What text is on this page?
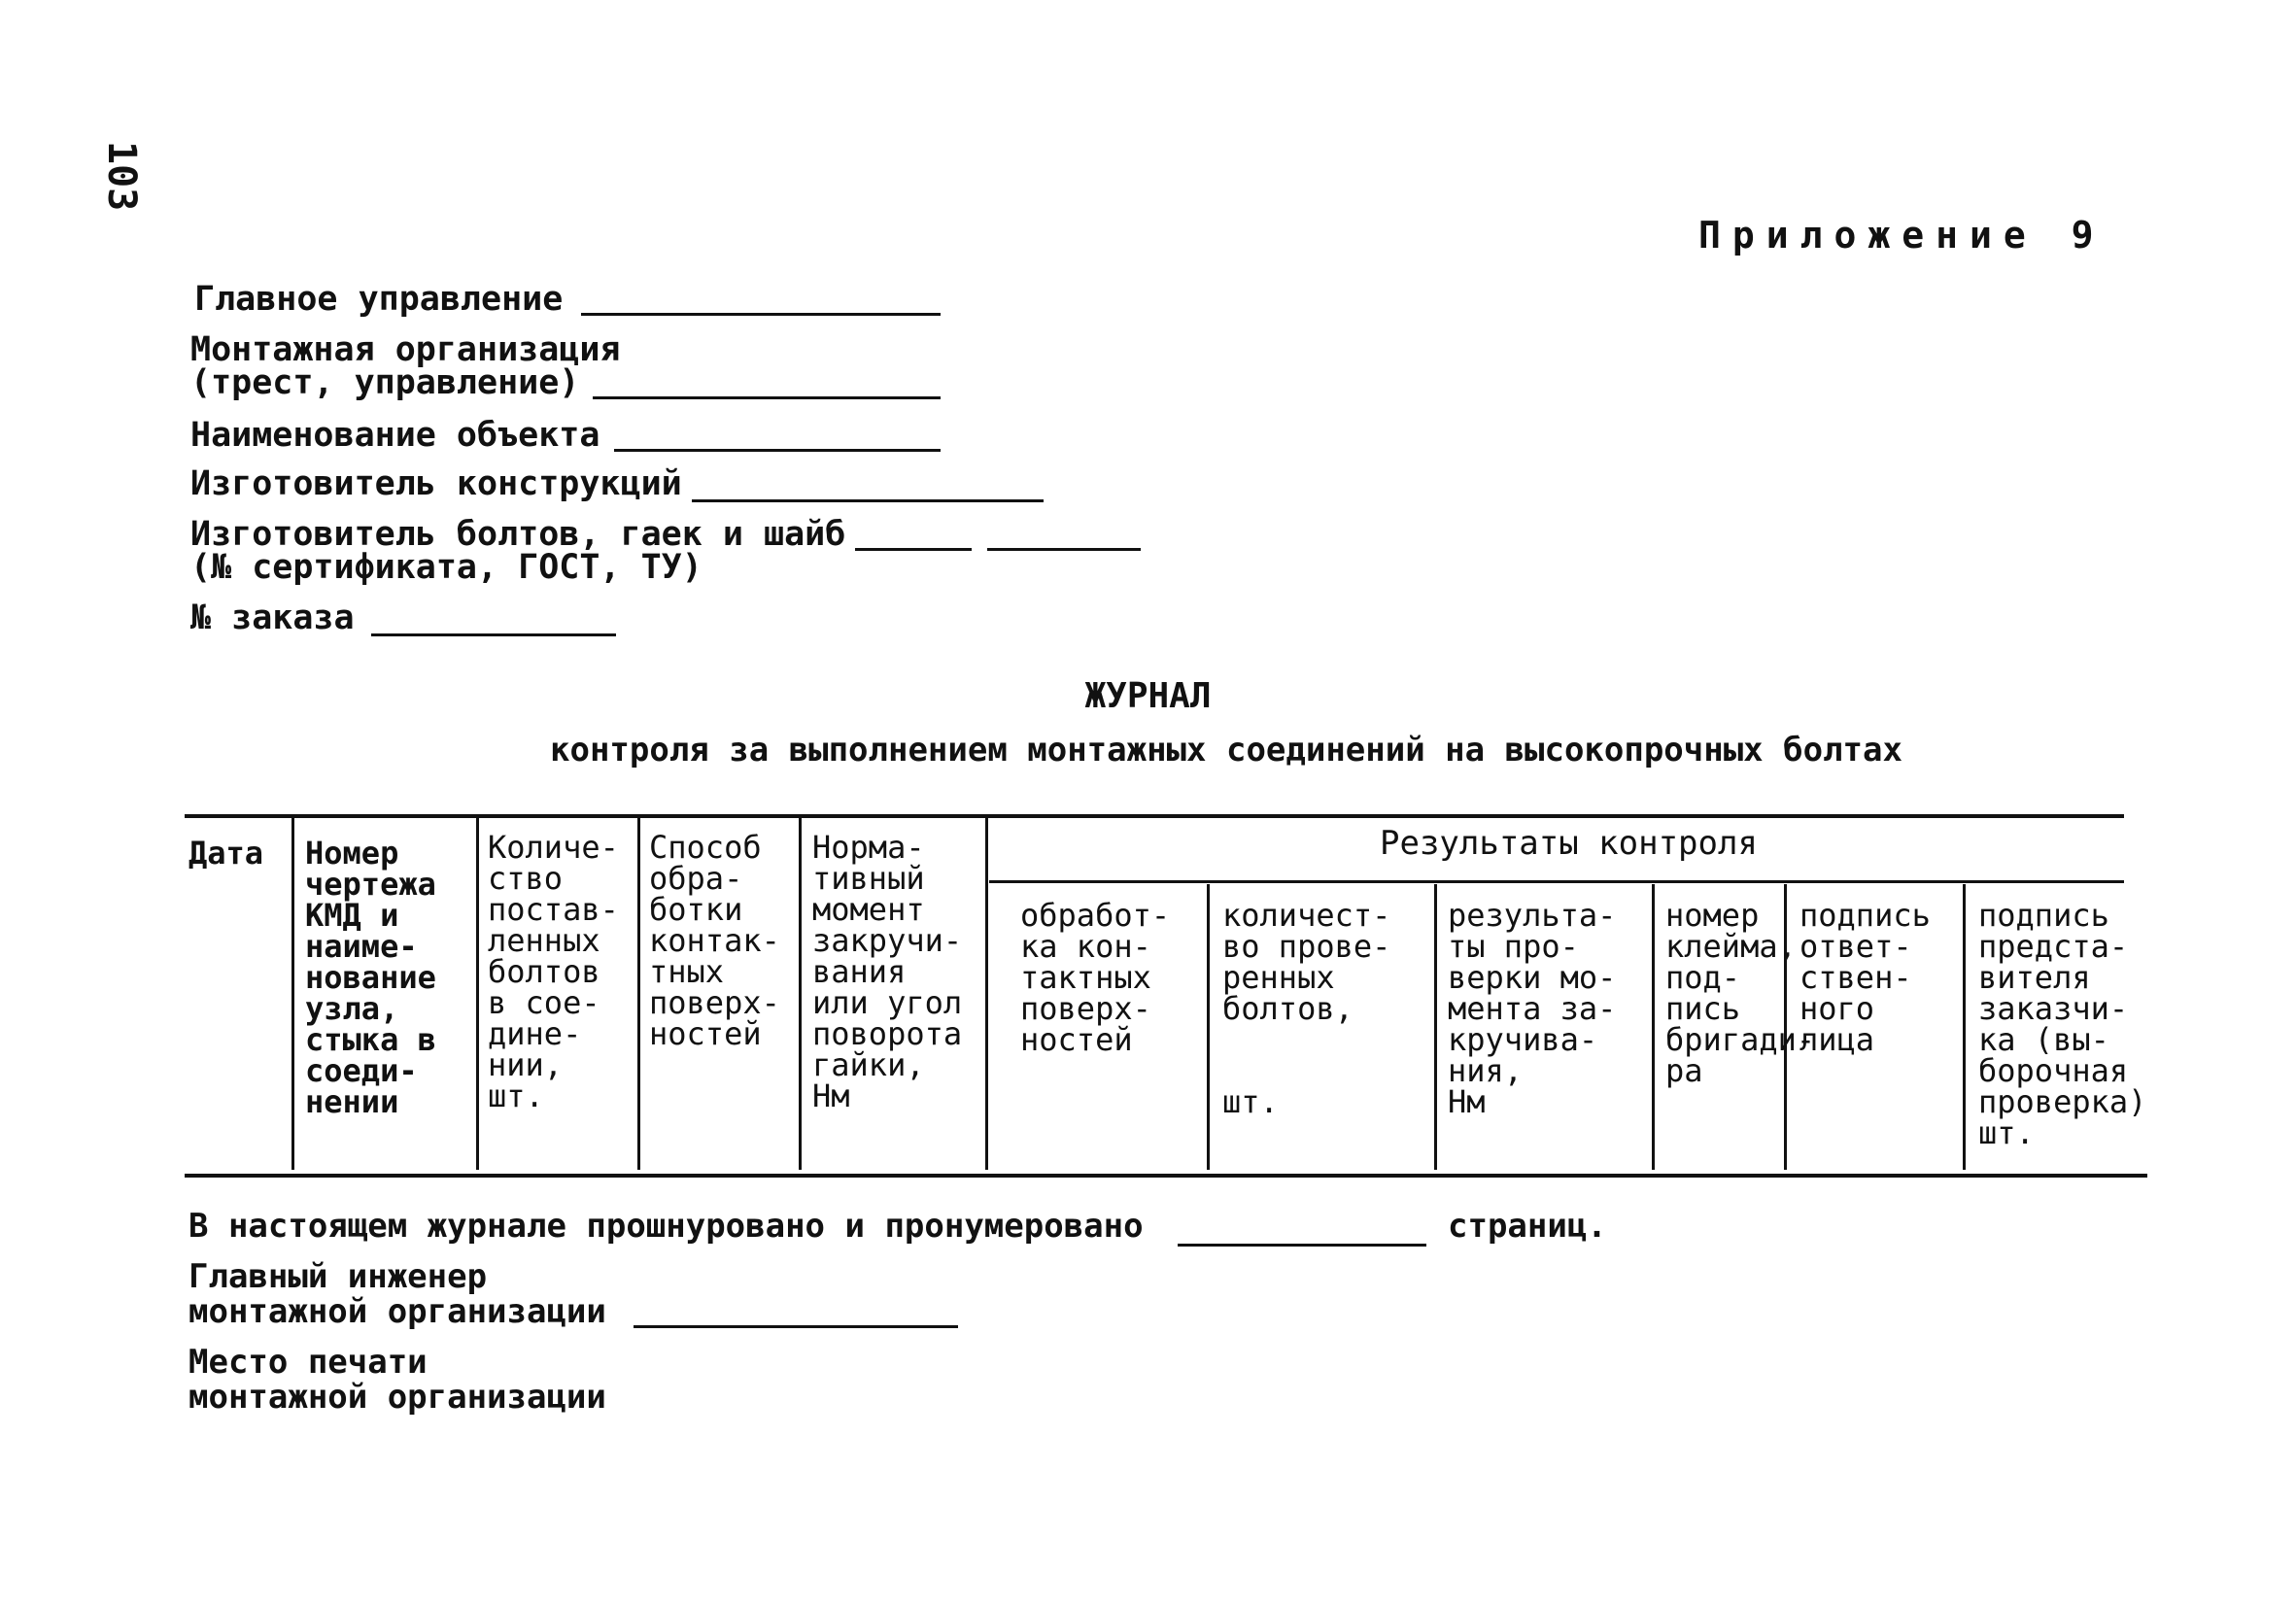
103
Приложение 9
Главное управление
Монтажная организация
(трест, управление)
Наименование объекта
Изготовитель конструкций
Изготовитель болтов, гаек и шайб
(№ сертификата, ГОСТ, ТУ)
№ заказа
ЖУРНАЛ
контроля за выполнением монтажных соединений на высокопрочных болтах
Дата Номер
чертежа
КМД и
наиме-
нование
узла,
стыка в
соеди-
нении
Количе-
ство
постав-
ленных
болтов
в сое-
дине-
нии,
шт.
Способ
обра-
ботки
контак-
тных
поверх-
ностей
Норма-
тивный
момент
закручи-
вания
или угол
поворота
гайки,
Нм
Результаты контроля
обработ-
ка кон-
тактных
поверх-
ностей
количест-
во прове-
ренных
болтов,

шт.
результа-
ты про-
верки мо-
мента за-
кручива-
ния,
Нм
номер
клейма,
под-
пись
бригади-
ра
подпись
ответ-
ствен-
ного
лица
подпись
предста-
вителя
заказчи-
ка (вы-
борочная
проверка)
шт.
В настоящем журнале прошнуровано и пронумеровано	страниц.
Главный инженер
монтажной организации
Место печати
монтажной организации
